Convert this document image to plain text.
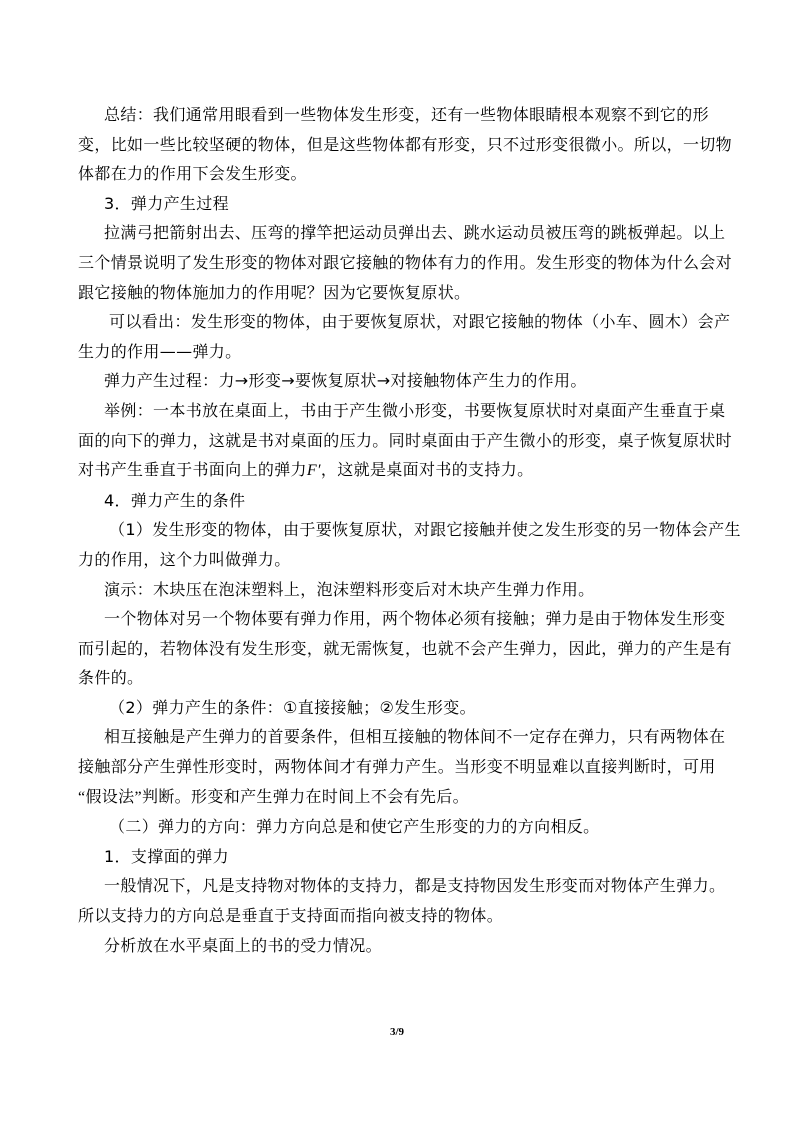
总结：我们通常用眼看到一些物体发生形变，还有一些物体眼睛根本观察不到它的形

变，比如一些比较坚硬的物体，但是这些物体都有形变，只不过形变很微小。所以，一切物

体都在力的作用下会发生形变。

3．弹力产生过程

拉满弓把箭射出去、压弯的撑竿把运动员弹出去、跳水运动员被压弯的跳板弹起。以上

三个情景说明了发生形变的物体对跟它接触的物体有力的作用。发生形变的物体为什么会对

跟它接触的物体施加力的作用呢？因为它要恢复原状。

可以看出：发生形变的物体，由于要恢复原状，对跟它接触的物体（小车、圆木）会产

生力的作用——弹力。

弹力产生过程：力→形变→要恢复原状→对接触物体产生力的作用。

举例：一本书放在桌面上，书由于产生微小形变，书要恢复原状时对桌面产生垂直于桌

面的向下的弹力，这就是书对桌面的压力。同时桌面由于产生微小的形变，桌子恢复原状时

对书产生垂直于书面向上的弹力F′，这就是桌面对书的支持力。

4．弹力产生的条件

（1）发生形变的物体，由于要恢复原状，对跟它接触并使之发生形变的另一物体会产生

力的作用，这个力叫做弹力。

演示：木块压在泡沫塑料上，泡沫塑料形变后对木块产生弹力作用。

一个物体对另一个物体要有弹力作用，两个物体必须有接触；弹力是由于物体发生形变

而引起的，若物体没有发生形变，就无需恢复，也就不会产生弹力，因此，弹力的产生是有

条件的。

（2）弹力产生的条件：①直接接触；②发生形变。

相互接触是产生弹力的首要条件，但相互接触的物体间不一定存在弹力，只有两物体在

接触部分产生弹性形变时，两物体间才有弹力产生。当形变不明显难以直接判断时，可用

“假设法”判断。形变和产生弹力在时间上不会有先后。

（二）弹力的方向：弹力方向总是和使它产生形变的力的方向相反。

1．支撑面的弹力

一般情况下，凡是支持物对物体的支持力，都是支持物因发生形变而对物体产生弹力。

所以支持力的方向总是垂直于支持面而指向被支持的物体。

分析放在水平桌面上的书的受力情况。

3/9
